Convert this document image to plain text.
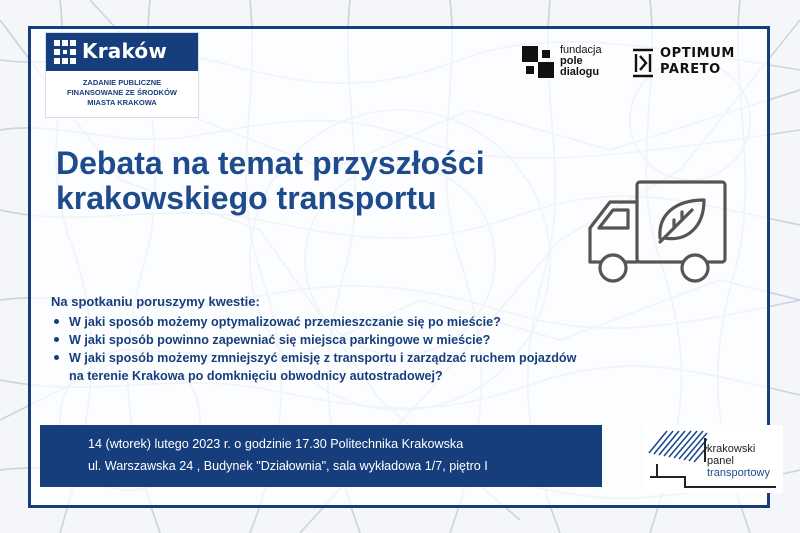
Kraków
ZADANIE PUBLICZNE
FINANSOWANE ZE ŚRODKÓW
MIASTA KRAKOWA
fundacja
pole
dialogu
OPTIMUM
PARETO
Debata na temat przyszłości
krakowskiego transportu
Na spotkaniu poruszymy kwestie:
W jaki sposób możemy optymalizować przemieszczanie się po mieście?
W jaki sposób powinno zapewniać się miejsca parkingowe w mieście?
W jaki sposób możemy zmniejszyć emisję z transportu i zarządzać ruchem pojazdów
na terenie Krakowa po domknięciu obwodnicy autostradowej?
14 (wtorek) lutego 2023 r. o godzinie 17.30 Politechnika Krakowska
ul. Warszawska 24 , Budynek "Działownia", sala wykładowa 1/7, piętro I
krakowski
panel
transportowy
